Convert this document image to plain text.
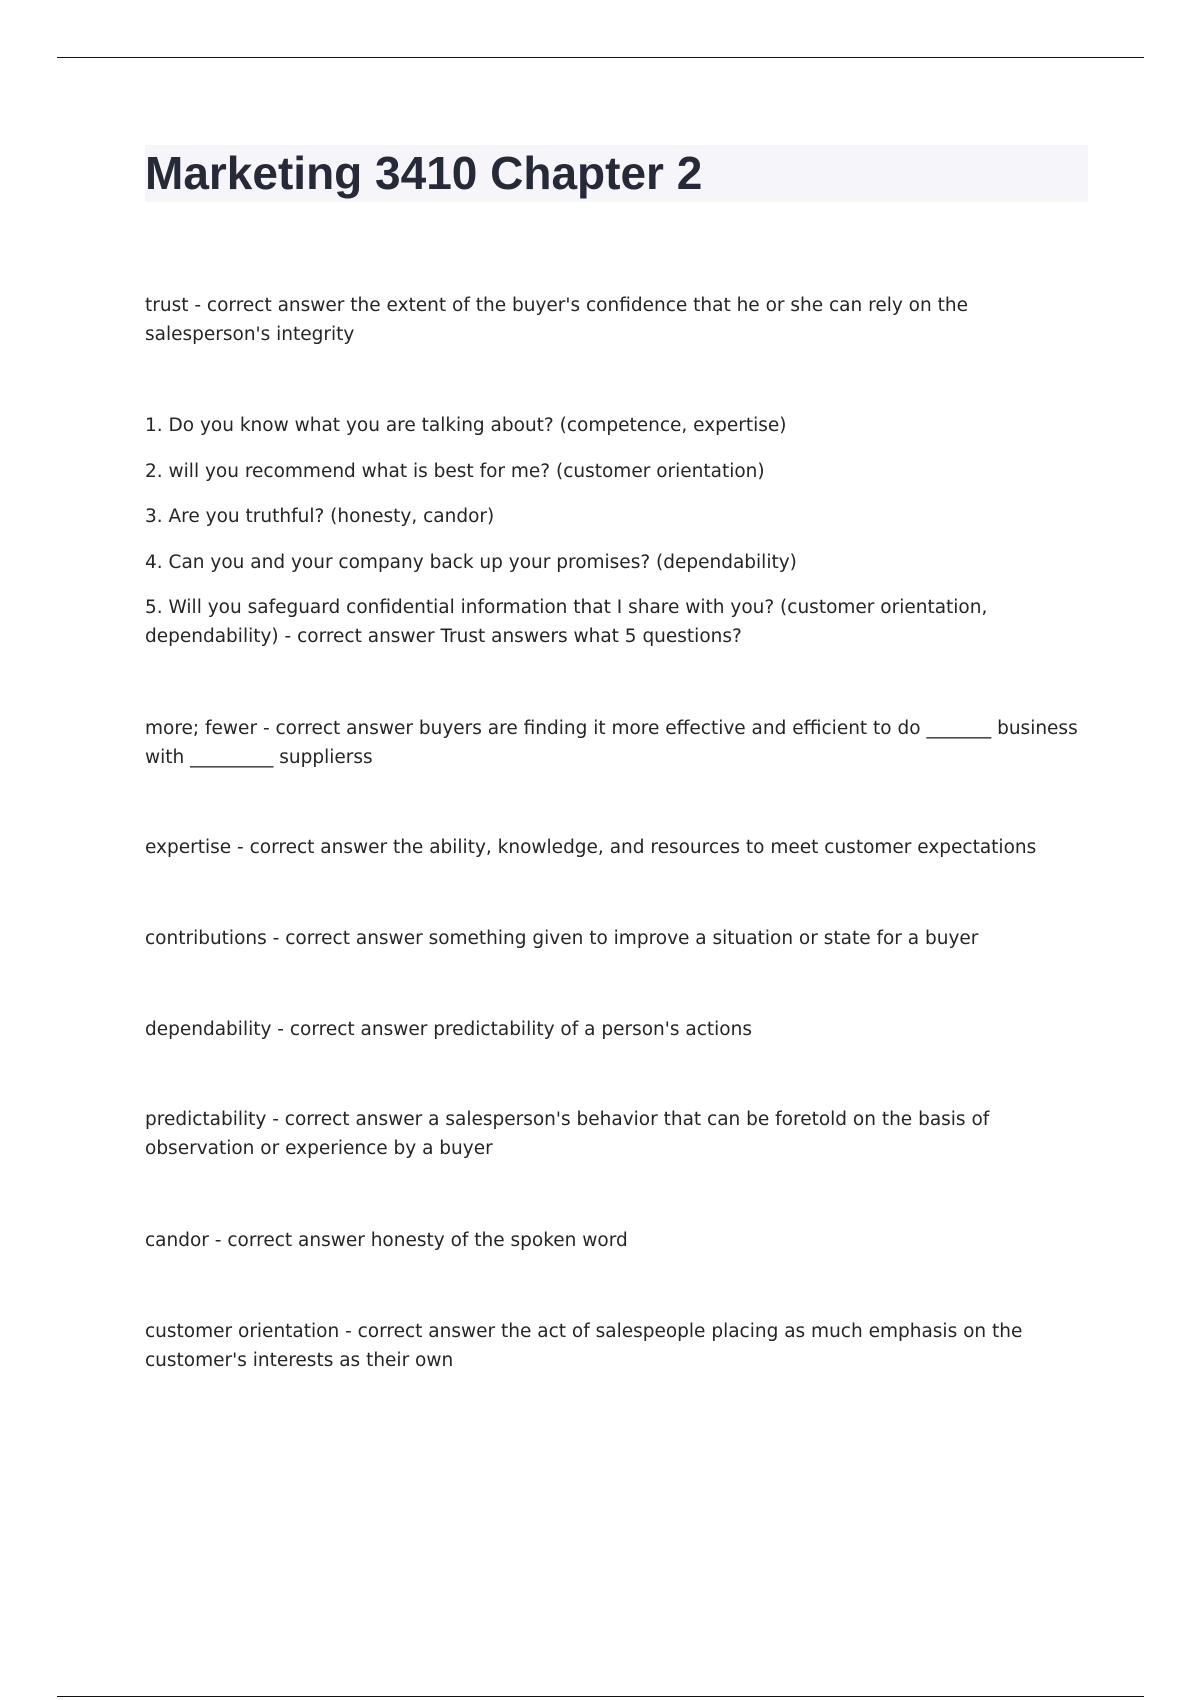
Marketing 3410 Chapter 2

trust - correct answer the extent of the buyer's confidence that he or she can rely on the salesperson's integrity

1. Do you know what you are talking about? (competence, expertise)

2. will you recommend what is best for me? (customer orientation)

3. Are you truthful? (honesty, candor)

4. Can you and your company back up your promises? (dependability)

5. Will you safeguard confidential information that I share with you? (customer orientation, dependability) - correct answer Trust answers what 5 questions?

more; fewer - correct answer buyers are finding it more effective and efficient to do _______ business with _________ supplierss

expertise - correct answer the ability, knowledge, and resources to meet customer expectations

contributions - correct answer something given to improve a situation or state for a buyer

dependability - correct answer predictability of a person's actions

predictability - correct answer a salesperson's behavior that can be foretold on the basis of observation or experience by a buyer

candor - correct answer honesty of the spoken word

customer orientation - correct answer the act of salespeople placing as much emphasis on the customer's interests as their own
